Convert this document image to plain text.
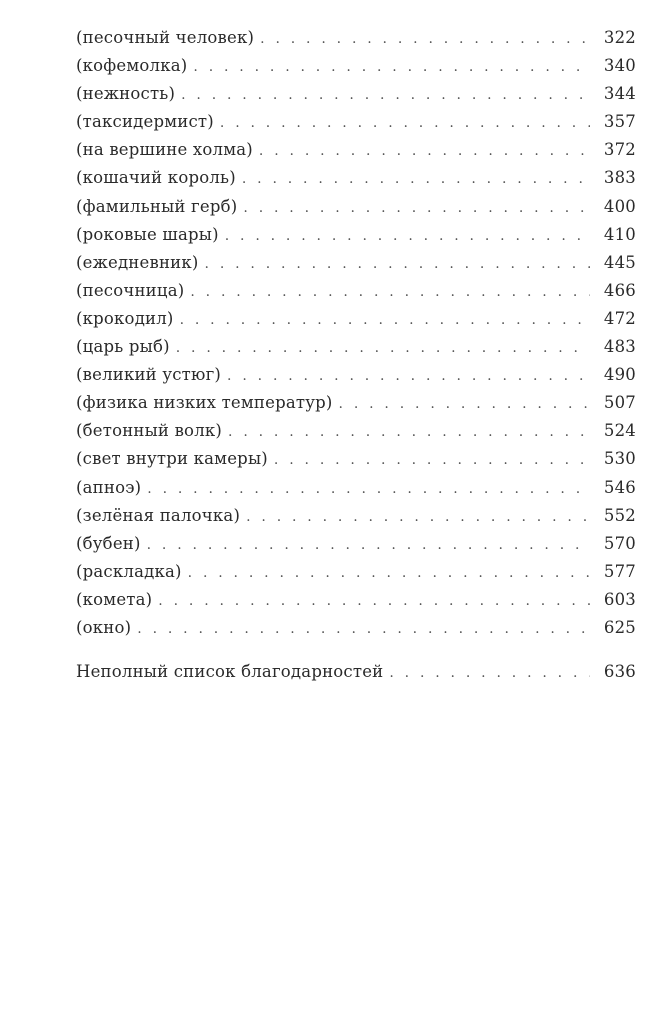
(песочный человек) . . .	322
(кофемолка) . . .	340
(нежность) . . .	344
(таксидермист) . . .	357
(на вершине холма) . . .	372
(кошачий король) . . .	383
(фамильный герб) . . .	400
(роковые шары) . . .	410
(ежедневник) . . .	445
(песочница) . . .	466
(крокодил) . . .	472
(царь рыб) . . .	483
(великий устюг) . . .	490
(физика низких температур) . . .	507
(бетонный волк) . . .	524
(свет внутри камеры) . . .	530
(апноэ) . . .	546
(зелёная палочка) . . .	552
(бубен) . . .	570
(раскладка) . . .	577
(комета) . . .	603
(окно) . . .	625
Неполный список благодарностей . . .	636
